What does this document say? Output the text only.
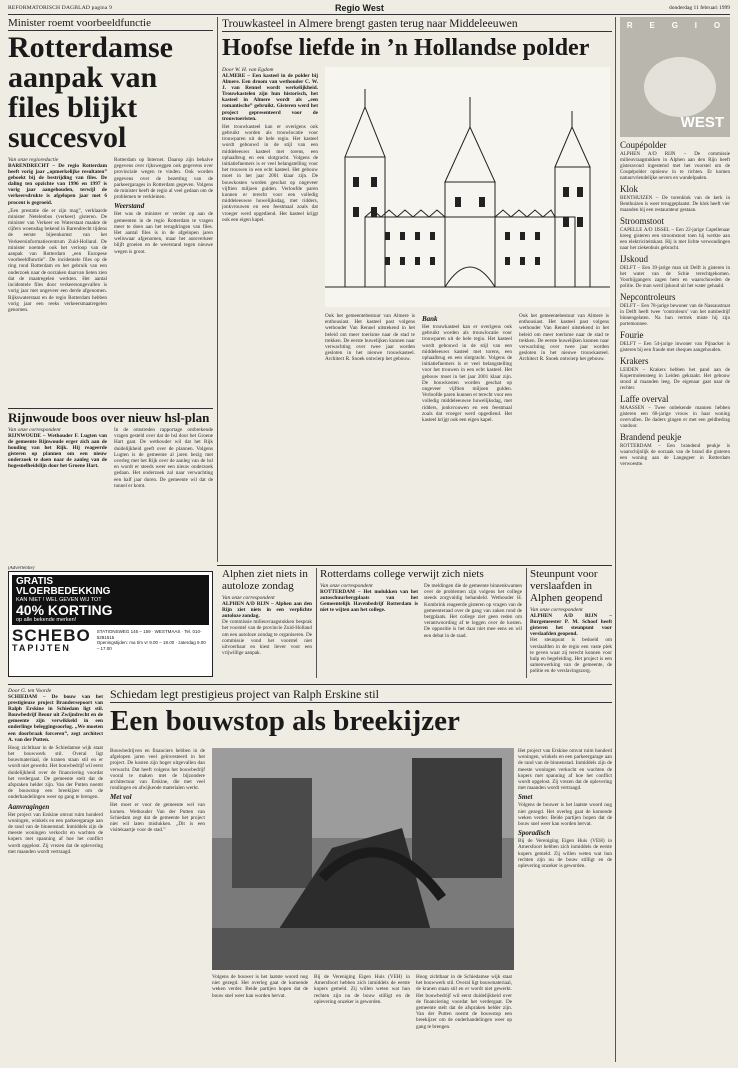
REFORMATORISCH DAGBLAD pagina 9	Regio West	donderdag 11 februari 1999
Minister roemt voorbeeldfunctie
Rotterdamse aanpak van files blijkt succesvol
Van onze regioredactie
BARENDRECHT – De regio Rotterdam heeft vorig jaar „opmerkelijke resultaten” geboekt bij de bestrijding van files. De daling ten opzichte van 1996 en 1997 is vorig jaar aangehouden, terwijl de verkeersdrukte is afgelopen jaar met 6 procent is gegroeid.
„Een prestatie die er zijn mag”, verklaarde minister Netelenbos (verkeer) gisteren. De minister van Verkeer en Waterstaat maakte de cijfers woensdag bekend in Barendrecht tijdens de eerste bijeenkomst van het Verkeersinformatiecentrum Zuid-Holland. De minister noemde ook het verloop van de aanpak van Rotterdam „een Europese voorbeeldfunctie”. De incidentele files op de ring rond Rotterdam en het gebruik van een onderzoek naar de oorzaken daarvan lieten zien dat de maatregelen werkten. Het aantal incidentele files door verkeersongevallen is vorig jaar met ongeveer een derde afgenomen. Rijkswaterstaat en de regio Rotterdam hebben vorig jaar een reeks verkeersmaatregelen genomen.
Rotterdam op Internet. Daarop zijn behalve gegevens over rijksweggen ook gegevens over provinciale wegen te vinden. Ook worden gegevens over de bezetting van de parkeergarages in Rotterdam gegeven. Volgens de minister heeft de regio al veel gedaan om de problemen te verkleinen.
Weerstand
Het was de minister er verder op aan de gemeenten in de regio Rotterdam te vragen meer te doen aan het terugdringen van files. Het aantal files is in de afgelopen jaren weliswaar afgenomen, maar het autoverkeer blijft groeien en de weerstand tegen nieuwe wegen is groot.
Rijnwoude boos over nieuw hsl-plan
Van onze correspondent
RIJNWOUDE – Wethouder F. Lugten van de gemeente Rijnwoude erger zich aan de houding van het Rijk. Hij reageerde gisteren op plannen om een nieuw onderzoek te doen naar de aanleg van de hogesnelheidslijn door het Groene Hart.
In de omstreden rapportage ontbrekende vragen gesteld over dat de hsl door het Groene Hart gaat. De wethouder wil dat het Rijk duidelijkheid geeft over de plannen. Volgens Lugten is de gemeente al jaren bezig met overleg met het Rijk over de aanleg van de hsl en wordt er steeds weer een nieuw onderzoek gedaan. Het onderzoek zal naar verwachting een half jaar duren. De gemeente wil dat de tunnel er komt.
Trouwkasteel in Almere brengt gasten terug naar Middeleeuwen
Hoofse liefde in ’n Hollandse polder
Door W. H. van Egdom
ALMERE – Een kasteel in de polder bij Almere. Een droom van wethouder C. W. J. van Rennel wordt werkelijkheid. Trouwkastelen zijn hun historisch, het kasteel in Almere wordt als „een romantische” gebruikt. Gisteren werd het project gepresenteerd voor de trouwtoeristen.
Het trouwkasteel kan er overigens ook gebruikt worden als trouwlocatie voor trouwparen uit de hele regio. Het kasteel wordt gebouwd in de stijl van een middeleeuws kasteel met torens, een ophaalbrug en een slotgracht. Volgens de initiatiefnemers is er veel belangstelling voor het trouwen in een echt kasteel. Het gebouw moet in het jaar 2001 klaar zijn. De bouwkosten worden geschat op ongeveer vijftien miljoen gulden. Verloofde paren kunnen er terecht voor een volledig middeleeuwse huwelijksdag, met ridders, jonkvrouwen en een feestmaal zoals dat vroeger werd opgediend. Het kasteel krijgt ook een eigen kapel.
Ook het gemeentebestuur van Almere is enthousiast. Het kasteel past volgens wethouder Van Rennel uitstekend in het beleid om meer toerisme naar de stad te trekken. De eerste huwelijken kunnen naar verwachting over twee jaar worden gesloten in het nieuwe trouwkasteel. Architect R. Snoek ontwierp het gebouw.
Bank
Het trouwkasteel kan er overigens ook gebruikt worden als trouwlocatie voor trouwparen uit de hele regio. Het kasteel wordt gebouwd in de stijl van een middeleeuws kasteel met torens, een ophaalbrug en een slotgracht. Volgens de initiatiefnemers is er veel belangstelling voor het trouwen in een echt kasteel. Het gebouw moet in het jaar 2001 klaar zijn. De bouwkosten worden geschat op ongeveer vijftien miljoen gulden. Verloofde paren kunnen er terecht voor een volledig middeleeuwse huwelijksdag, met ridders, jonkvrouwen en een feestmaal zoals dat vroeger werd opgediend. Het kasteel krijgt ook een eigen kapel.
Ook het gemeentebestuur van Almere is enthousiast. Het kasteel past volgens wethouder Van Rennel uitstekend in het beleid om meer toerisme naar de stad te trekken. De eerste huwelijken kunnen naar verwachting over twee jaar worden gesloten in het nieuwe trouwkasteel. Architect R. Snoek ontwierp het gebouw.
R E G I O
WEST
Coupépolder

ALPHEN A/D RIJN – De commissie milieuvraagstukken in Alphen aan den Rijn heeft gisteravond ingestemd met het voorstel om de Coupépolder opnieuw in te richten. Er komen natuurvriendelijke oevers en wandelpaden.

Klok

BENTHUIZEN – De torenklok van de kerk in Benthuizen is weer teruggeplaatst. De klok heeft vier maanden bij een restaurateur gestaan.

Stroomstoot

CAPELLE A/D IJSSEL – Een 22-jarige Capellenaar kreeg gisteren een stroomstoot toen hij werkte aan een elektriciteitskast. Hij is met lichte verwondingen naar het ziekenhuis gebracht.

IJskoud

DELFT – Een 39-jarige man uit Delft is gisteren in het water van de Schie terechtgekomen. Voorbijgangers zagen hem en waarschuwden de politie. De man werd ijskoud uit het water gehaald.

Nepcontroleurs

DELFT – Een 78-jarige bewoner van de Nassaustraat in Delft heeft twee ‘controleurs’ van het nutsbedrijf binnengelaten. Na hun vertrek miste hij zijn portemonnee.

Fourie

DELFT – Een 54-jarige inwoner van Pijnacker is gisteren bij een fraude met cheques aangehouden.

Krakers

LEIDEN – Krakers hebben het pand aan de Kopermolensteeg in Leiden gekraakt. Het gebouw stond al maanden leeg. De eigenaar gaat naar de rechter.

Laffe overval

MAASSEN – Twee onbekende mannen hebben gisteren een 68-jarige vrouw in haar woning overvallen. De daders gingen er met een geldbedrag vandoor.

Brandend peukje

ROTTERDAM – Een brandend peukje is waarschijnlijk de oorzaak van de brand die gisteren een woning aan de Langegeer in Rotterdam verwoestte.

(Advertentie)
GRATIS
VLOERBEDEKKING
KAN NIET ! WEL GEVEN WIJ TOT
40% KORTING
op alle bekende merken!
SCHEBO
TAPIJTEN
STATIONSWEG 145 – 159 · WESTMAAS · Tel. 010-5281515
Openingstijden: ma t/m vr 9.00 – 18.00 · zaterdag 9.00 – 17.00
Alphen ziet niets in autoloze zondag
Van onze correspondent
ALPHEN A/D RIJN – Alphen aan den Rijn ziet niets in een verplichte autoloze zondag.
De commissie milieuvraagstukken besprak het voorstel van de provincie Zuid-Holland om een autoloze zondag te organiseren. De commissie vond het voorstel niet uitvoerbaar en kiest liever voor een vrijwillige aanpak.
Rotterdams college verwijt zich niets
Van onze correspondent
ROTTERDAM – Het molukken van het autoschuurbergplaats van het Gemeentelijk Havenbedrijf Rotterdam is niet te wijten aan het college.
De meldingen die de gemeente binnenkwamen over de problemen zijn volgens het college steeds zorgvuldig behandeld. Wethouder H. Kombrink reageerde gisteren op vragen van de gemeenteraad over de gang van zaken rond de bergplaats. Het college ziet geen reden om verantwoording af te leggen over de kosten. De oppositie is het daar niet mee eens en wil een debat in de raad.
Steunpunt voor verslaafden in Alphen geopend
Van onze correspondent
ALPHEN A/D RIJN – Burgemeester P. M. Schoof heeft gisteren het steunpunt voor verslaafden geopend.
Het steunpunt is bedoeld om verslaafden in de regio een vaste plek te geven waar zij terecht kunnen voor hulp en begeleiding. Het project is een samenwerking van de gemeente, de politie en de verslavingszorg.
Door G. ten Voorde
SCHIEDAM – De bouw van het prestigieuze project Brandersepoort van Ralph Erskine in Schiedam ligt stil. Bouwbedrijf Beour uit Zwijndrecht en de gemeente zijn verwikkeld in een onderlinge beleggingsoorlog. „We moeten een doorbraak forceren”, zegt architect A. van der Putten.
Hoog zichtbaar in de Schiedamse wijk staat het bouwwerk stil. Overal ligt bouwmateriaal, de kranen staan stil en er wordt niet gewerkt. Het bouwbedrijf wil eerst duidelijkheid over de financiering voordat het verdergaat. De gemeente stelt dat de afspraken helder zijn. Van der Putten noemt de bouwstop een breekijzer om de onderhandelingen weer op gang te brengen.
Aanvragingen
Het project van Erskine omvat ruim honderd woningen, winkels en een parkeergarage aan de rand van de binnenstad. Inmiddels zijn de meeste woningen verkocht en wachten de kopers met spanning af hoe het conflict wordt opgelost. Zij vrezen dat de oplevering met maanden wordt vertraagd.
Schiedam legt prestigieus project van Ralph Erskine stil
Een bouwstop als breekijzer
Bouwbedrijven en financiers hebben in de afgelopen jaren veel geïnvesteerd in het project. De kosten zijn hoger uitgevallen dan verwacht. Dat heeft volgens het bouwbedrijf vooral te maken met de bijzondere architectuur van Erskine, die met veel rondingen en afwijkende materialen werkt.
Met vol
Het moet er voor de gemeente wel van komen. Wethouder Van der Putten van Schiedam zegt dat de gemeente het project niet wil laten mislukken. „Dit is een visitekaartje voor de stad.”
Volgens de bouwer is het laatste woord nog niet gezegd. Het overleg gaat de komende weken verder. Beide partijen hopen dat de bouw snel weer kan worden hervat.
Bij de Vereniging Eigen Huis (VEH) in Amersfoort hebben zich inmiddels de eerste kopers gemeld. Zij willen weten wat hun rechten zijn nu de bouw stilligt en de oplevering onzeker is geworden.
Hoog zichtbaar in de Schiedamse wijk staat het bouwwerk stil. Overal ligt bouwmateriaal, de kranen staan stil en er wordt niet gewerkt. Het bouwbedrijf wil eerst duidelijkheid over de financiering voordat het verdergaat. De gemeente stelt dat de afspraken helder zijn. Van der Putten noemt de bouwstop een breekijzer om de onderhandelingen weer op gang te brengen.
Het project van Erskine omvat ruim honderd woningen, winkels en een parkeergarage aan de rand van de binnenstad. Inmiddels zijn de meeste woningen verkocht en wachten de kopers met spanning af hoe het conflict wordt opgelost. Zij vrezen dat de oplevering met maanden wordt vertraagd.
Smet
Volgens de bouwer is het laatste woord nog niet gezegd. Het overleg gaat de komende weken verder. Beide partijen hopen dat de bouw snel weer kan worden hervat.
Sporadisch
Bij de Vereniging Eigen Huis (VEH) in Amersfoort hebben zich inmiddels de eerste kopers gemeld. Zij willen weten wat hun rechten zijn nu de bouw stilligt en de oplevering onzeker is geworden.
